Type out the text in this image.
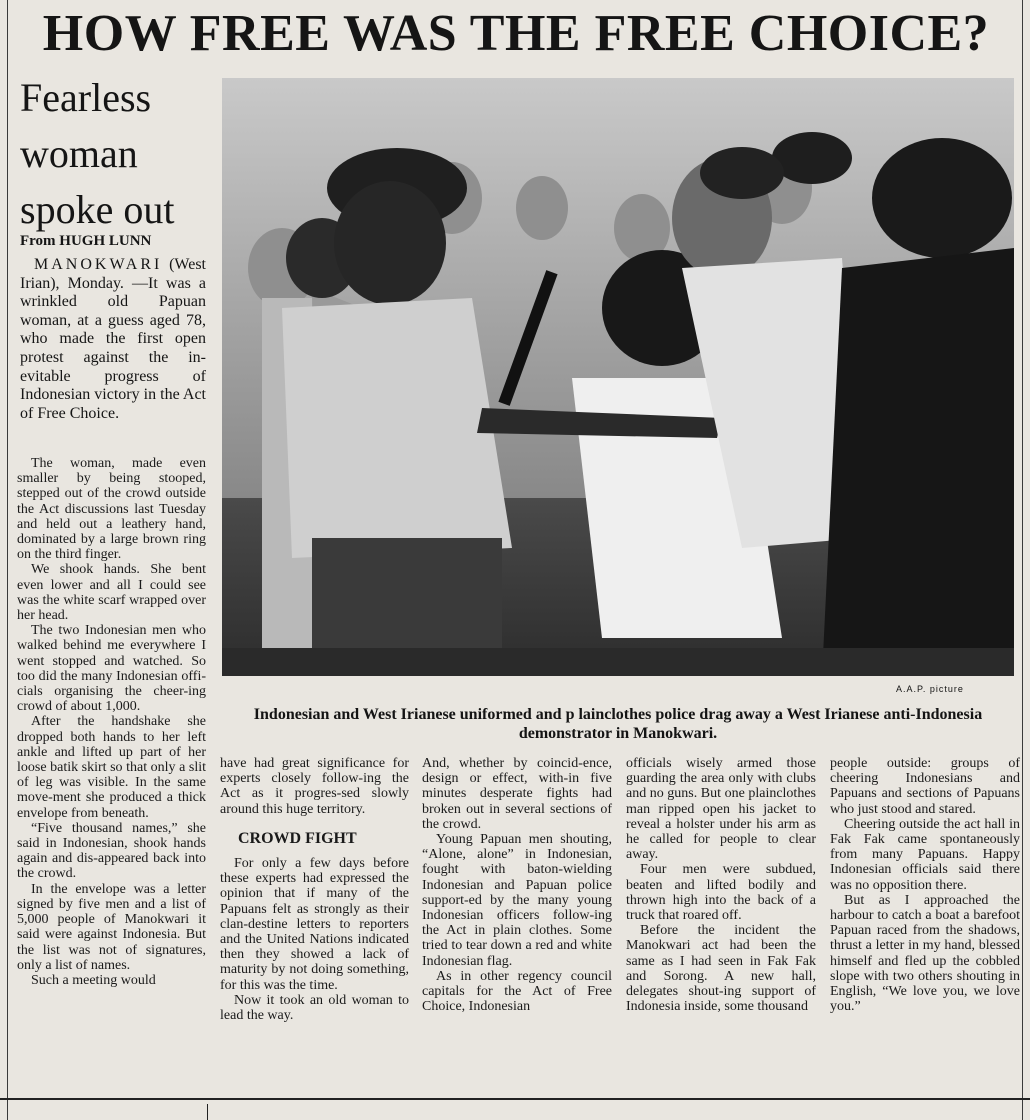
HOW FREE WAS THE FREE CHOICE?
Fearless
woman
spoke out
From HUGH LUNN

MANOKWARI (West Irian), Monday. —It was a wrinkled old Papuan woman, at a guess aged 78, who made the first open protest against the in-evitable progress of Indonesian victory in the Act of Free Choice.

The woman, made even smaller by being stooped, stepped out of the crowd outside the Act discussions last Tuesday and held out a leathery hand, dominated by a large brown ring on the third finger.

We shook hands. She bent even lower and all I could see was the white scarf wrapped over her head.

The two Indonesian men who walked behind me everywhere I went stopped and watched. So too did the many Indonesian offi-cials organising the cheer-ing crowd of about 1,000.

After the handshake she dropped both hands to her left ankle and lifted up part of her loose batik skirt so that only a slit of leg was visible. In the same move-ment she produced a thick envelope from beneath.

“Five thousand names,” she said in Indonesian, shook hands again and dis-appeared back into the crowd.

In the envelope was a letter signed by five men and a list of 5,000 people of Manokwari it said were against Indonesia. But the list was not of signatures, only a list of names.

Such a meeting would

A.A.P. picture

Indonesian and West Irianese uniformed and p lainclothes police drag away a West Irianese anti-Indonesia demonstrator in Manokwari.

have had great significance for experts closely follow-ing the Act as it progres-sed slowly around this huge territory.

CROWD FIGHT

For only a few days before these experts had expressed the opinion that if many of the Papuans felt as strongly as their clan-destine letters to reporters and the United Nations indicated then they showed a lack of maturity by not doing something, for this was the time.

Now it took an old woman to lead the way.

And, whether by coincid-ence, design or effect, with-in five minutes desperate fights had broken out in several sections of the crowd.

Young Papuan men shouting, “Alone, alone” in Indonesian, fought with baton-wielding Indonesian and Papuan police support-ed by the many young Indonesian officers follow-ing the Act in plain clothes. Some tried to tear down a red and white Indonesian flag.

As in other regency council capitals for the Act of Free Choice, Indonesian

officials wisely armed those guarding the area only with clubs and no guns. But one plainclothes man ripped open his jacket to reveal a holster under his arm as he called for people to clear away.

Four men were subdued, beaten and lifted bodily and thrown high into the back of a truck that roared off.

Before the incident the Manokwari act had been the same as I had seen in Fak Fak and Sorong. A new hall, delegates shout-ing support of Indonesia inside, some thousand

people outside: groups of cheering Indonesians and Papuans and sections of Papuans who just stood and stared.

Cheering outside the act hall in Fak Fak came spontaneously from many Papuans. Happy Indonesian officials said there was no opposition there.

But as I approached the harbour to catch a boat a barefoot Papuan raced from the shadows, thrust a letter in my hand, blessed himself and fled up the cobbled slope with two others shouting in English, “We love you, we love you.”
